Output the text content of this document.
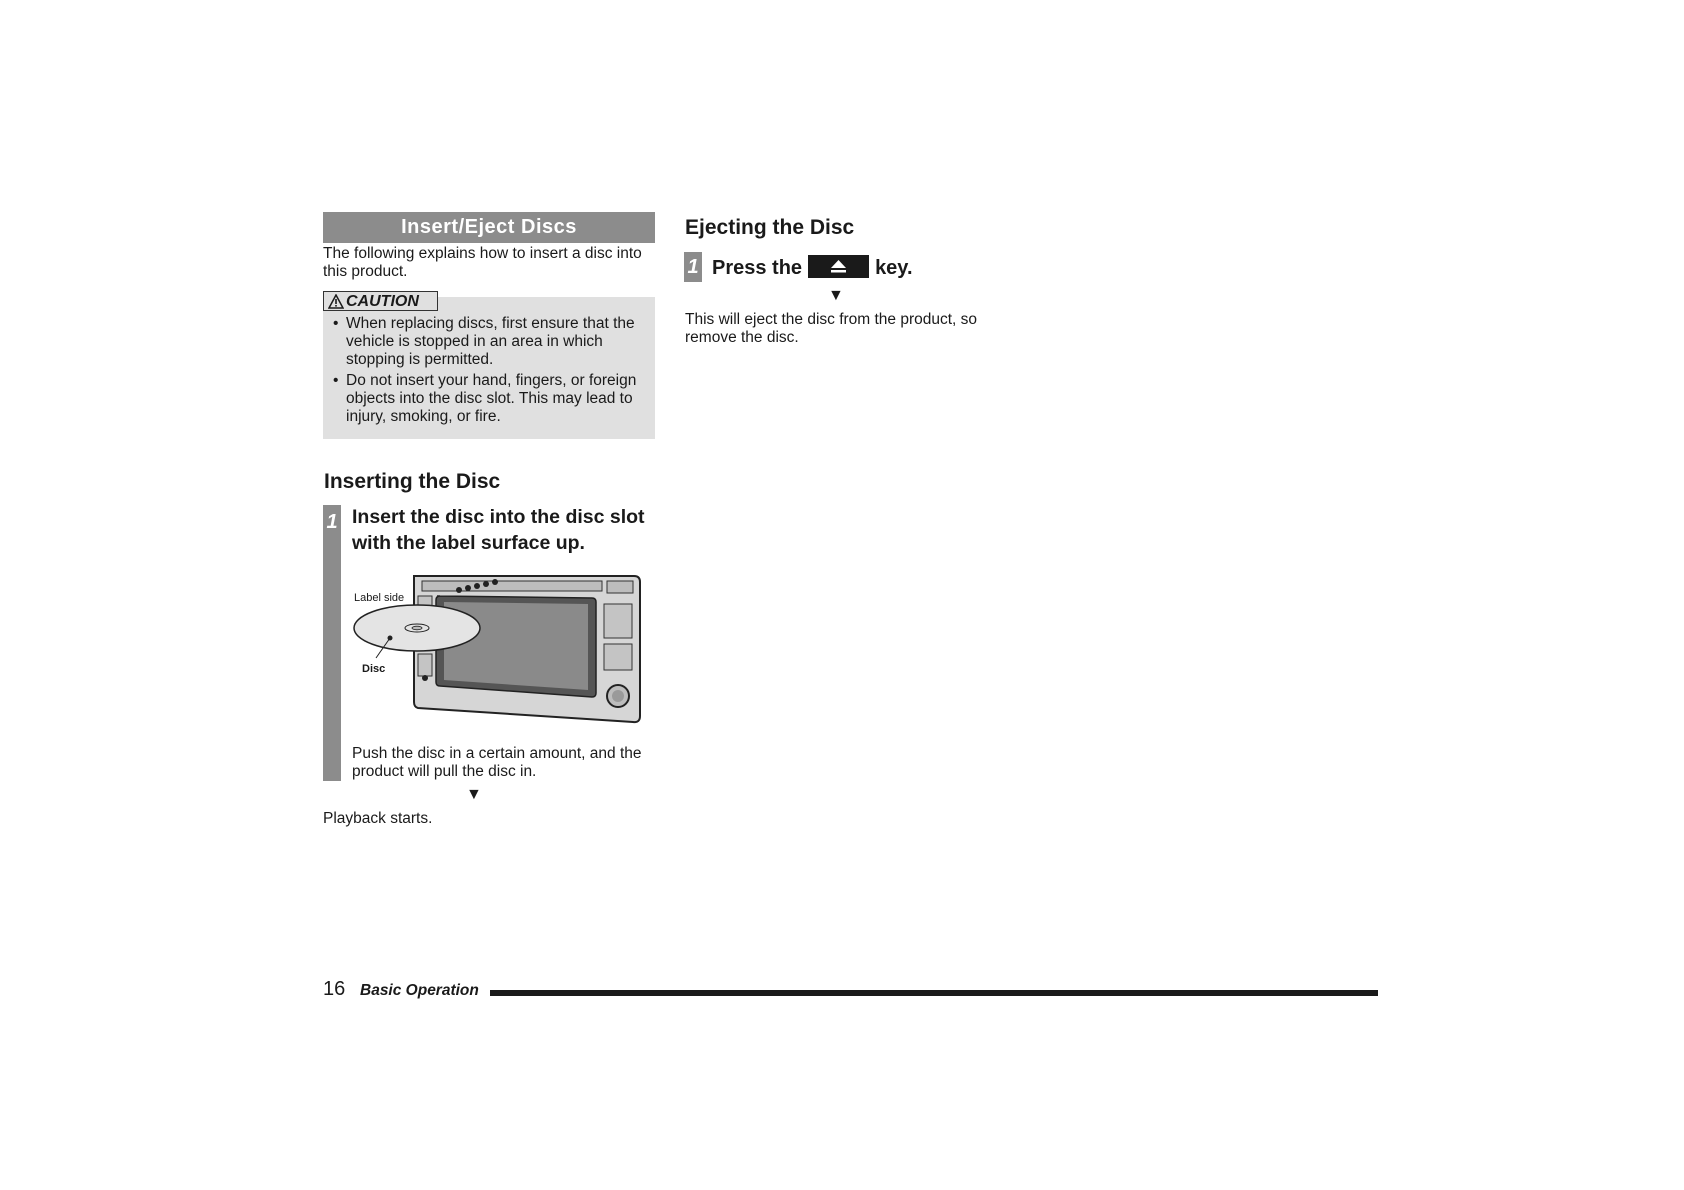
Insert/Eject Discs
The following explains how to insert a disc into this product.
CAUTION
• When replacing discs, first ensure that the vehicle is stopped in an area in which stopping is permitted.
• Do not insert your hand, fingers, or foreign objects into the disc slot. This may lead to injury, smoking, or fire.
Inserting the Disc
1 Insert the disc into the disc slot with the label surface up.
Label side
Disc
Push the disc in a certain amount, and the product will pull the disc in.
▼
Playback starts.
Ejecting the Disc
1 Press the	key.
▼
This will eject the disc from the product, so remove the disc.
16 Basic Operation
